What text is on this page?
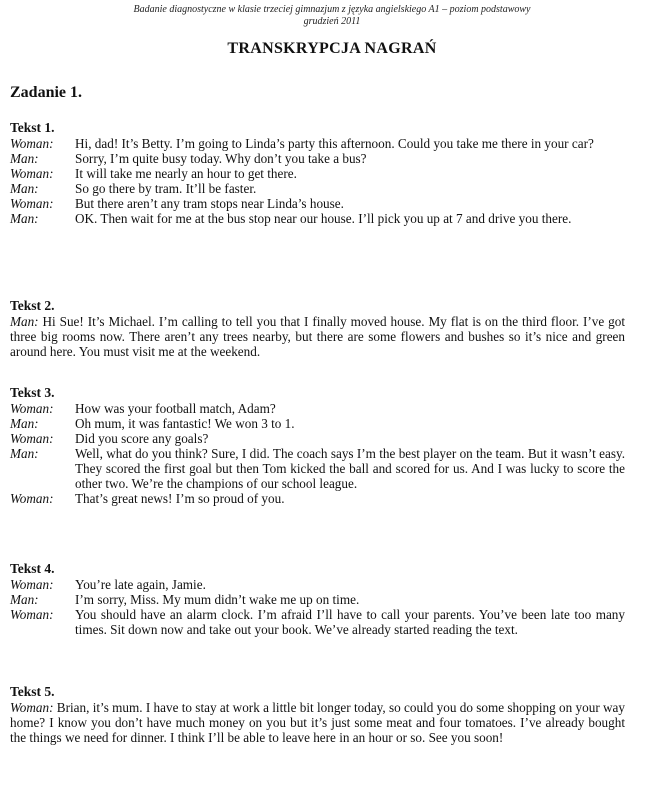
Badanie diagnostyczne w klasie trzeciej gimnazjum z języka angielskiego A1 – poziom podstawowy
grudzień 2011
TRANSKRYPCJA NAGRAŃ
Zadanie 1.
Tekst 1.
Woman:	Hi, dad! It’s Betty. I’m going to Linda’s party this afternoon. Could you take me there in your car?
Man:	Sorry, I’m quite busy today. Why don’t you take a bus?
Woman:	It will take me nearly an hour to get there.
Man:	So go there by tram. It’ll be faster.
Woman:	But there aren’t any tram stops near Linda’s house.
Man:	OK. Then wait for me at the bus stop near our house. I’ll pick you up at 7 and drive you there.
Tekst 2.
Man: Hi Sue! It’s Michael. I’m calling to tell you that I finally moved house. My flat is on the third floor. I’ve got three big rooms now. There aren’t any trees nearby, but there are some flowers and bushes so it’s nice and green around here. You must visit me at the weekend.
Tekst 3.
Woman:	How was your football match, Adam?
Man:	Oh mum, it was fantastic! We won 3 to 1.
Woman:	Did you score any goals?
Man:	Well, what do you think? Sure, I did. The coach says I’m the best player on the team. But it wasn’t easy. They scored the first goal but then Tom kicked the ball and scored for us. And I was lucky to score the other two. We’re the champions of our school league.
Woman:	That’s great news! I’m so proud of you.
Tekst 4.
Woman:	You’re late again, Jamie.
Man:	I’m sorry, Miss. My mum didn’t wake me up on time.
Woman:	You should have an alarm clock. I’m afraid I’ll have to call your parents. You’ve been late too many times. Sit down now and take out your book. We’ve already started reading the text.
Tekst 5.
Woman: Brian, it’s mum. I have to stay at work a little bit longer today, so could you do some shopping on your way home? I know you don’t have much money on you but it’s just some meat and four tomatoes. I’ve already bought the things we need for dinner. I think I’ll be able to leave here in an hour or so. See you soon!
